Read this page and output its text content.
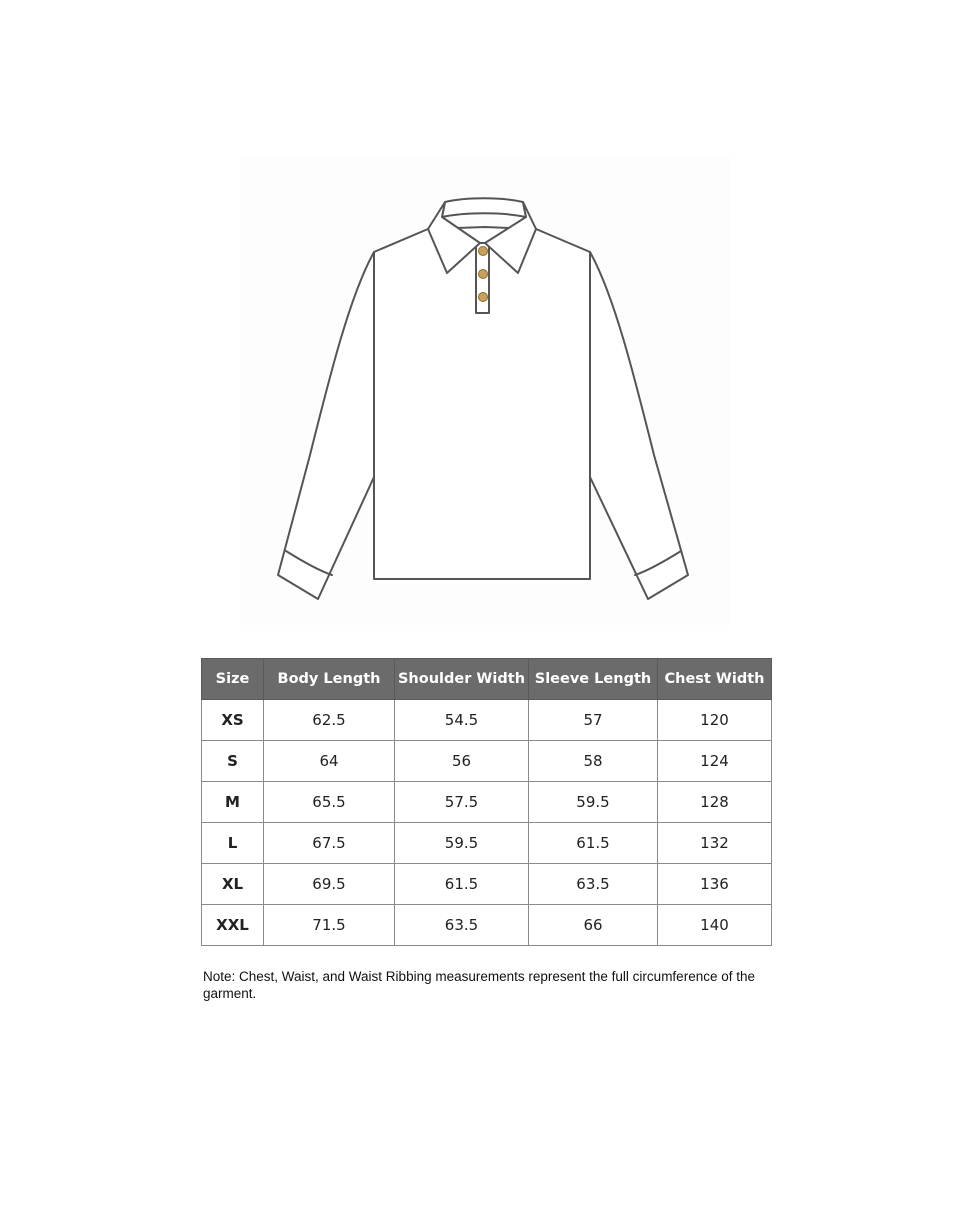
Size	Body Length	Shoulder Width	Sleeve Length	Chest Width
XS	62.5	54.5	57	120
S	64	56	58	124
M	65.5	57.5	59.5	128
L	67.5	59.5	61.5	132
XL	69.5	61.5	63.5	136
XXL	71.5	63.5	66	140

Note: Chest, Waist, and Waist Ribbing measurements represent the full circumference of the garment.
